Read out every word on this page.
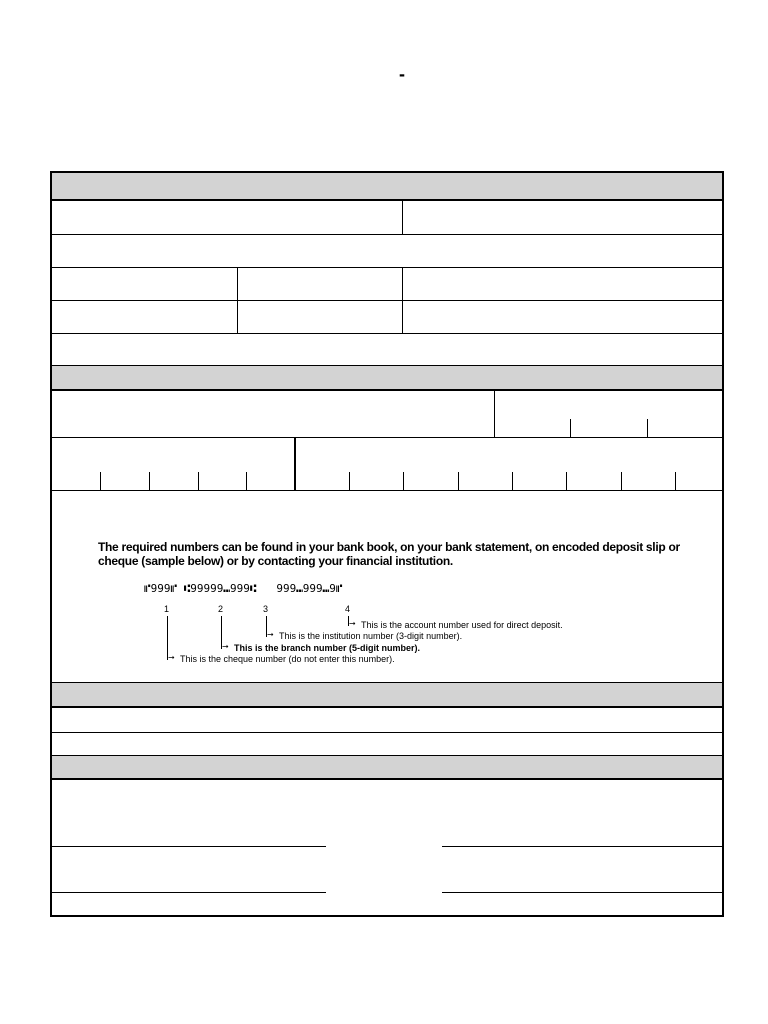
-
The required numbers can be found in your bank book, on your bank statement, on encoded deposit slip or cheque (sample below) or by contacting your financial institution.
⑈999⑈ ⑆99999⑉999⑆   999⑉999⑉9⑈
1	2	3	4
➞ This is the account number used for direct deposit.
➞ This is the institution number (3-digit number).
➞ This is the branch number (5-digit number).
➞ This is the cheque number (do not enter this number).
